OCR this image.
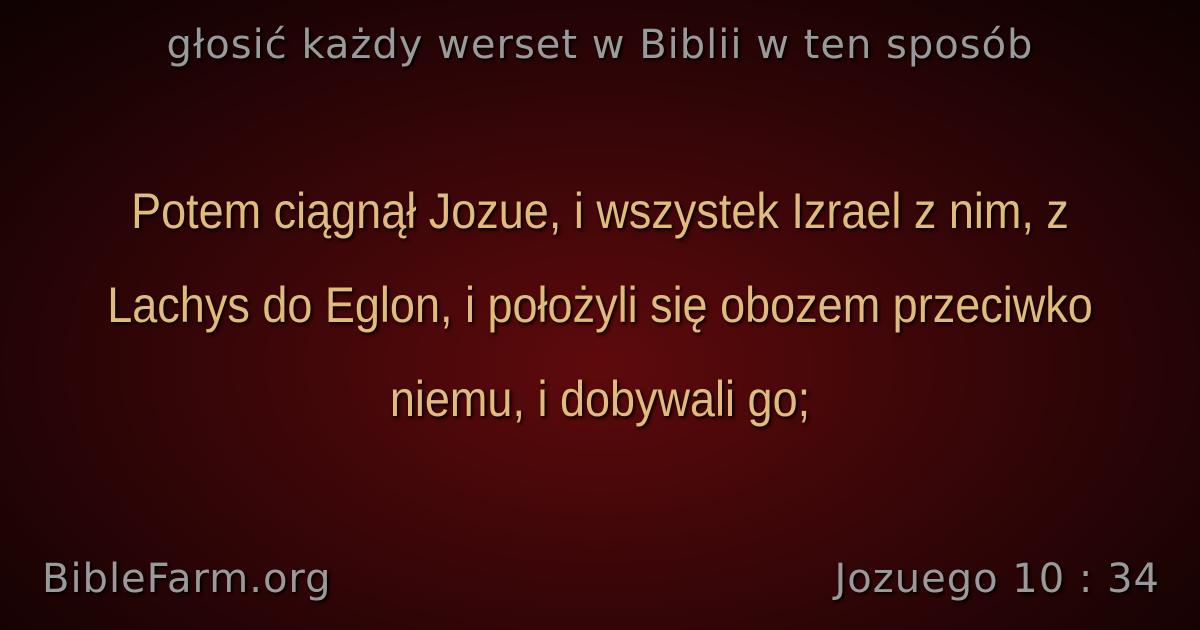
głosić każdy werset w Biblii w ten sposób

Potem ciągnął Jozue, i wszystek Izrael z nim, z Lachys do Eglon, i położyli się obozem przeciwko niemu, i dobywali go;

BibleFarm.org	Jozuego 10 : 34
